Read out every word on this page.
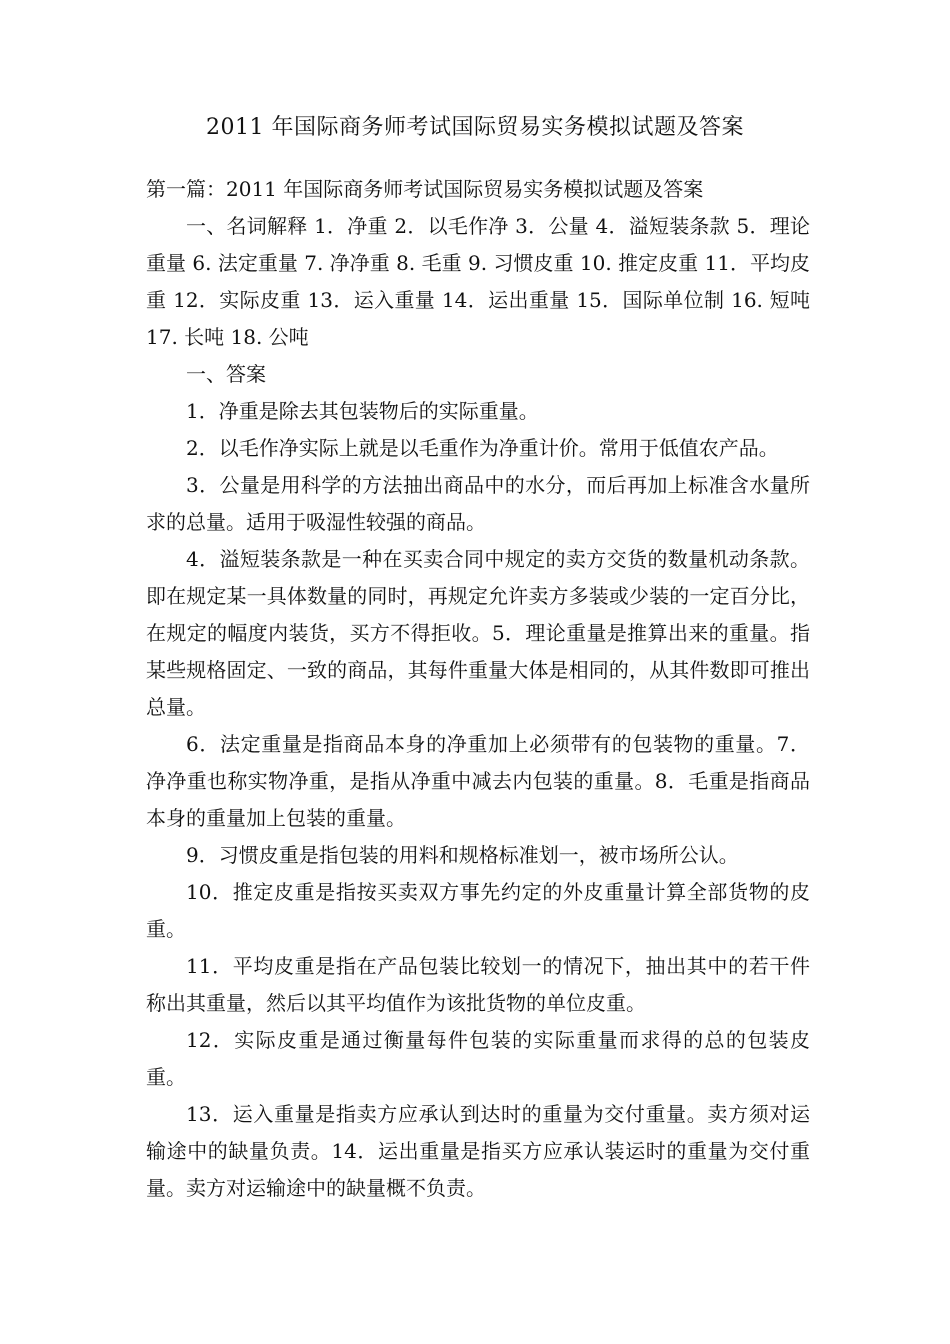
2011 年国际商务师考试国际贸易实务模拟试题及答案
第一篇：2011 年国际商务师考试国际贸易实务模拟试题及答案

一、名词解释 1．净重 2．以毛作净 3．公量 4．溢短装条款 5．理论重量 6. 法定重量 7. 净净重 8. 毛重 9. 习惯皮重 10. 推定皮重 11．平均皮重 12．实际皮重 13．运入重量 14．运出重量 15．国际单位制 16. 短吨 17. 长吨 18. 公吨

一、答案

1．净重是除去其包装物后的实际重量。

2．以毛作净实际上就是以毛重作为净重计价。常用于低值农产品。

3．公量是用科学的方法抽出商品中的水分，而后再加上标准含水量所求的总量。适用于吸湿性较强的商品。

4．溢短装条款是一种在买卖合同中规定的卖方交货的数量机动条款。即在规定某一具体数量的同时，再规定允许卖方多装或少装的一定百分比，在规定的幅度内装货，买方不得拒收。5．理论重量是推算出来的重量。指某些规格固定、一致的商品，其每件重量大体是相同的，从其件数即可推出总量。

6．法定重量是指商品本身的净重加上必须带有的包装物的重量。7．净净重也称实物净重，是指从净重中减去内包装的重量。8．毛重是指商品本身的重量加上包装的重量。

9．习惯皮重是指包装的用料和规格标准划一，被市场所公认。

10．推定皮重是指按买卖双方事先约定的外皮重量计算全部货物的皮重。

11．平均皮重是指在产品包装比较划一的情况下，抽出其中的若干件称出其重量，然后以其平均值作为该批货物的单位皮重。

12．实际皮重是通过衡量每件包装的实际重量而求得的总的包装皮重。

13．运入重量是指卖方应承认到达时的重量为交付重量。卖方须对运输途中的缺量负责。14．运出重量是指买方应承认装运时的重量为交付重量。卖方对运输途中的缺量概不负责。
